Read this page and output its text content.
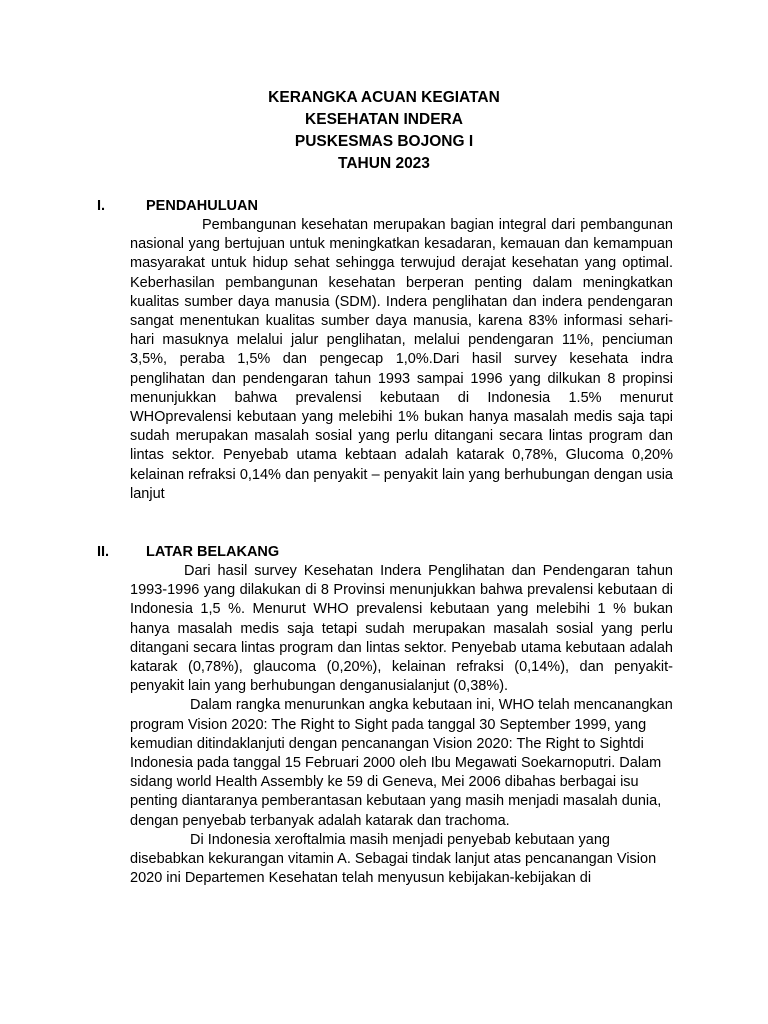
KERANGKA ACUAN KEGIATAN
KESEHATAN INDERA
PUSKESMAS BOJONG I
TAHUN 2023
I.	PENDAHULUAN

Pembangunan kesehatan merupakan bagian integral dari pembangunan nasional yang bertujuan untuk meningkatkan kesadaran, kemauan dan kemampuan masyarakat untuk hidup sehat sehingga terwujud derajat kesehatan yang optimal. Keberhasilan pembangunan kesehatan berperan penting dalam meningkatkan kualitas sumber daya manusia (SDM). Indera penglihatan dan indera pendengaran sangat menentukan kualitas sumber daya manusia, karena 83% informasi sehari-hari masuknya melalui jalur penglihatan, melalui pendengaran 11%, penciuman 3,5%, peraba 1,5% dan pengecap 1,0%.Dari hasil survey kesehata indra penglihatan dan pendengaran tahun 1993 sampai 1996 yang dilkukan 8 propinsi menunjukkan bahwa prevalensi kebutaan di Indonesia 1.5% menurut WHOprevalensi kebutaan yang melebihi 1% bukan hanya masalah medis saja tapi sudah merupakan masalah sosial yang perlu ditangani secara lintas program dan lintas sektor. Penyebab utama kebtaan adalah katarak 0,78%, Glucoma 0,20% kelainan refraksi 0,14% dan penyakit – penyakit lain yang berhubungan dengan usia lanjut

II.	LATAR BELAKANG

Dari hasil survey Kesehatan Indera Penglihatan dan Pendengaran tahun 1993-1996 yang dilakukan di 8 Provinsi menunjukkan bahwa prevalensi kebutaan di Indonesia 1,5 %. Menurut WHO prevalensi kebutaan yang melebihi 1 % bukan hanya masalah medis saja tetapi sudah merupakan masalah sosial yang perlu ditangani secara lintas program dan lintas sektor. Penyebab utama kebutaan adalah katarak (0,78%), glaucoma (0,20%), kelainan refraksi (0,14%), dan penyakit-penyakit lain yang berhubungan denganusialanjut (0,38%).

Dalam rangka menurunkan angka kebutaan ini, WHO telah mencanangkan program Vision 2020: The Right to Sight pada tanggal 30 September 1999, yang kemudian ditindaklanjuti dengan pencanangan Vision 2020: The Right to Sightdi Indonesia pada tanggal 15 Februari 2000 oleh Ibu Megawati Soekarnoputri. Dalam sidang world Health Assembly ke 59 di Geneva, Mei 2006 dibahas berbagai isu penting diantaranya pemberantasan kebutaan yang masih menjadi masalah dunia, dengan penyebab terbanyak adalah katarak dan trachoma.

Di Indonesia xeroftalmia masih menjadi penyebab kebutaan yang disebabkan kekurangan vitamin A. Sebagai tindak lanjut atas pencanangan Vision 2020 ini Departemen Kesehatan telah menyusun kebijakan-kebijakan di
